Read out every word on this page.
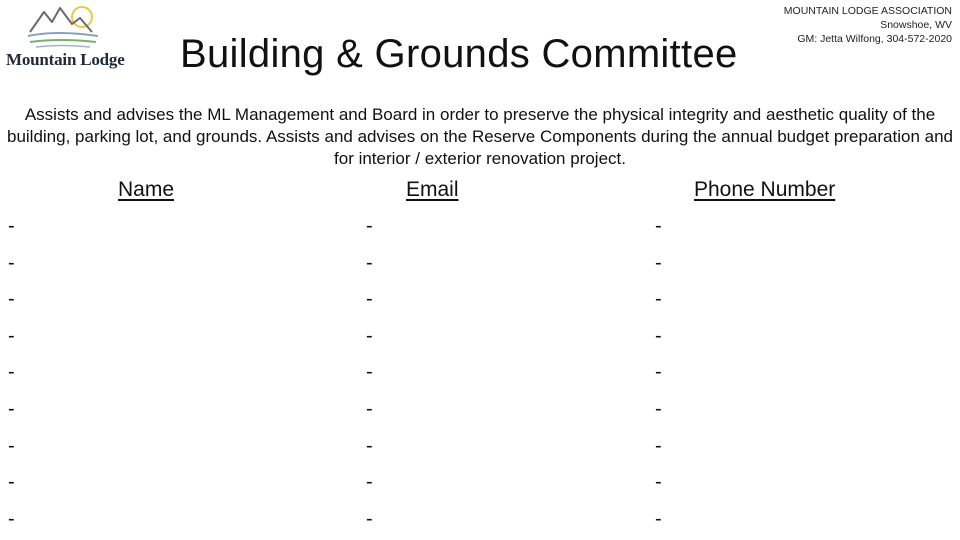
Mountain Lodge Building & Grounds Committee
MOUNTAIN LODGE ASSOCIATION
Snowshoe, WV
GM: Jetta Wilfong, 304-572-2020
Assists and advises the ML Management and Board in order to preserve the physical integrity and aesthetic quality of the building, parking lot, and grounds. Assists and advises on the Reserve Components during the annual budget preparation and for interior / exterior renovation project.
Name	Email	Phone Number
-	-	-
-	-	-
-	-	-
-	-	-
-	-	-
-	-	-
-	-	-
-	-	-
-	-	-
